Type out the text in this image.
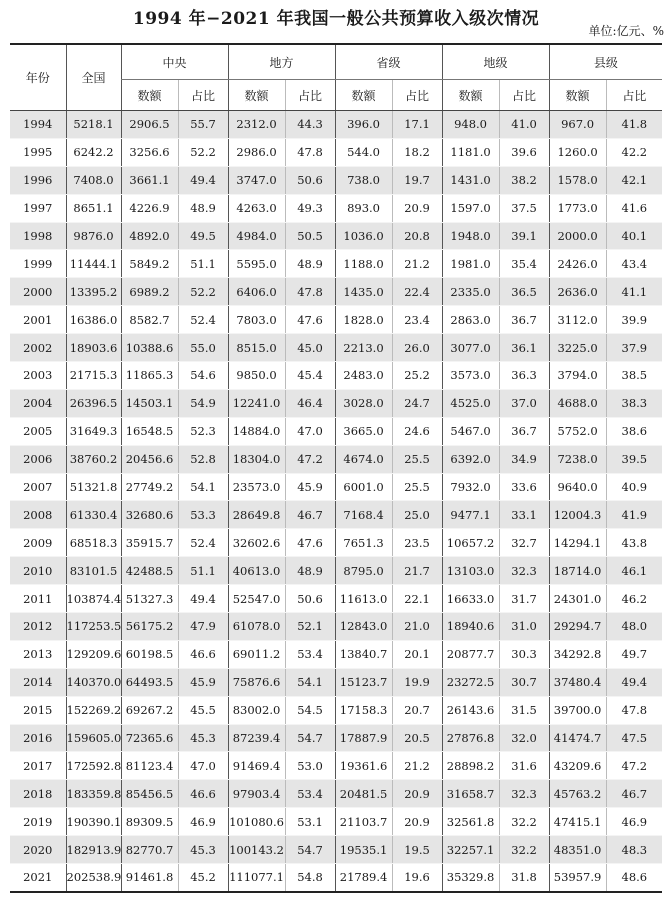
1994 年−2021 年我国一般公共预算收入级次情况
单位:亿元、%
年份	全国	中央		地方		省级		地级		县级	
		数额	占比	数额	占比	数额	占比	数额	占比	数额	占比
1994	5218.1	2906.5	55.7	2312.0	44.3	396.0	17.1	948.0	41.0	967.0	41.8
1995	6242.2	3256.6	52.2	2986.0	47.8	544.0	18.2	1181.0	39.6	1260.0	42.2
1996	7408.0	3661.1	49.4	3747.0	50.6	738.0	19.7	1431.0	38.2	1578.0	42.1
1997	8651.1	4226.9	48.9	4263.0	49.3	893.0	20.9	1597.0	37.5	1773.0	41.6
1998	9876.0	4892.0	49.5	4984.0	50.5	1036.0	20.8	1948.0	39.1	2000.0	40.1
1999	11444.1	5849.2	51.1	5595.0	48.9	1188.0	21.2	1981.0	35.4	2426.0	43.4
2000	13395.2	6989.2	52.2	6406.0	47.8	1435.0	22.4	2335.0	36.5	2636.0	41.1
2001	16386.0	8582.7	52.4	7803.0	47.6	1828.0	23.4	2863.0	36.7	3112.0	39.9
2002	18903.6	10388.6	55.0	8515.0	45.0	2213.0	26.0	3077.0	36.1	3225.0	37.9
2003	21715.3	11865.3	54.6	9850.0	45.4	2483.0	25.2	3573.0	36.3	3794.0	38.5
2004	26396.5	14503.1	54.9	12241.0	46.4	3028.0	24.7	4525.0	37.0	4688.0	38.3
2005	31649.3	16548.5	52.3	14884.0	47.0	3665.0	24.6	5467.0	36.7	5752.0	38.6
2006	38760.2	20456.6	52.8	18304.0	47.2	4674.0	25.5	6392.0	34.9	7238.0	39.5
2007	51321.8	27749.2	54.1	23573.0	45.9	6001.0	25.5	7932.0	33.6	9640.0	40.9
2008	61330.4	32680.6	53.3	28649.8	46.7	7168.4	25.0	9477.1	33.1	12004.3	41.9
2009	68518.3	35915.7	52.4	32602.6	47.6	7651.3	23.5	10657.2	32.7	14294.1	43.8
2010	83101.5	42488.5	51.1	40613.0	48.9	8795.0	21.7	13103.0	32.3	18714.0	46.1
2011	103874.4	51327.3	49.4	52547.0	50.6	11613.0	22.1	16633.0	31.7	24301.0	46.2
2012	117253.5	56175.2	47.9	61078.0	52.1	12843.0	21.0	18940.6	31.0	29294.7	48.0
2013	129209.6	60198.5	46.6	69011.2	53.4	13840.7	20.1	20877.7	30.3	34292.8	49.7
2014	140370.0	64493.5	45.9	75876.6	54.1	15123.7	19.9	23272.5	30.7	37480.4	49.4
2015	152269.2	69267.2	45.5	83002.0	54.5	17158.3	20.7	26143.6	31.5	39700.0	47.8
2016	159605.0	72365.6	45.3	87239.4	54.7	17887.9	20.5	27876.8	32.0	41474.7	47.5
2017	172592.8	81123.4	47.0	91469.4	53.0	19361.6	21.2	28898.2	31.6	43209.6	47.2
2018	183359.8	85456.5	46.6	97903.4	53.4	20481.5	20.9	31658.7	32.3	45763.2	46.7
2019	190390.1	89309.5	46.9	101080.6	53.1	21103.7	20.9	32561.8	32.2	47415.1	46.9
2020	182913.9	82770.7	45.3	100143.2	54.7	19535.1	19.5	32257.1	32.2	48351.0	48.3
2021	202538.9	91461.8	45.2	111077.1	54.8	21789.4	19.6	35329.8	31.8	53957.9	48.6
